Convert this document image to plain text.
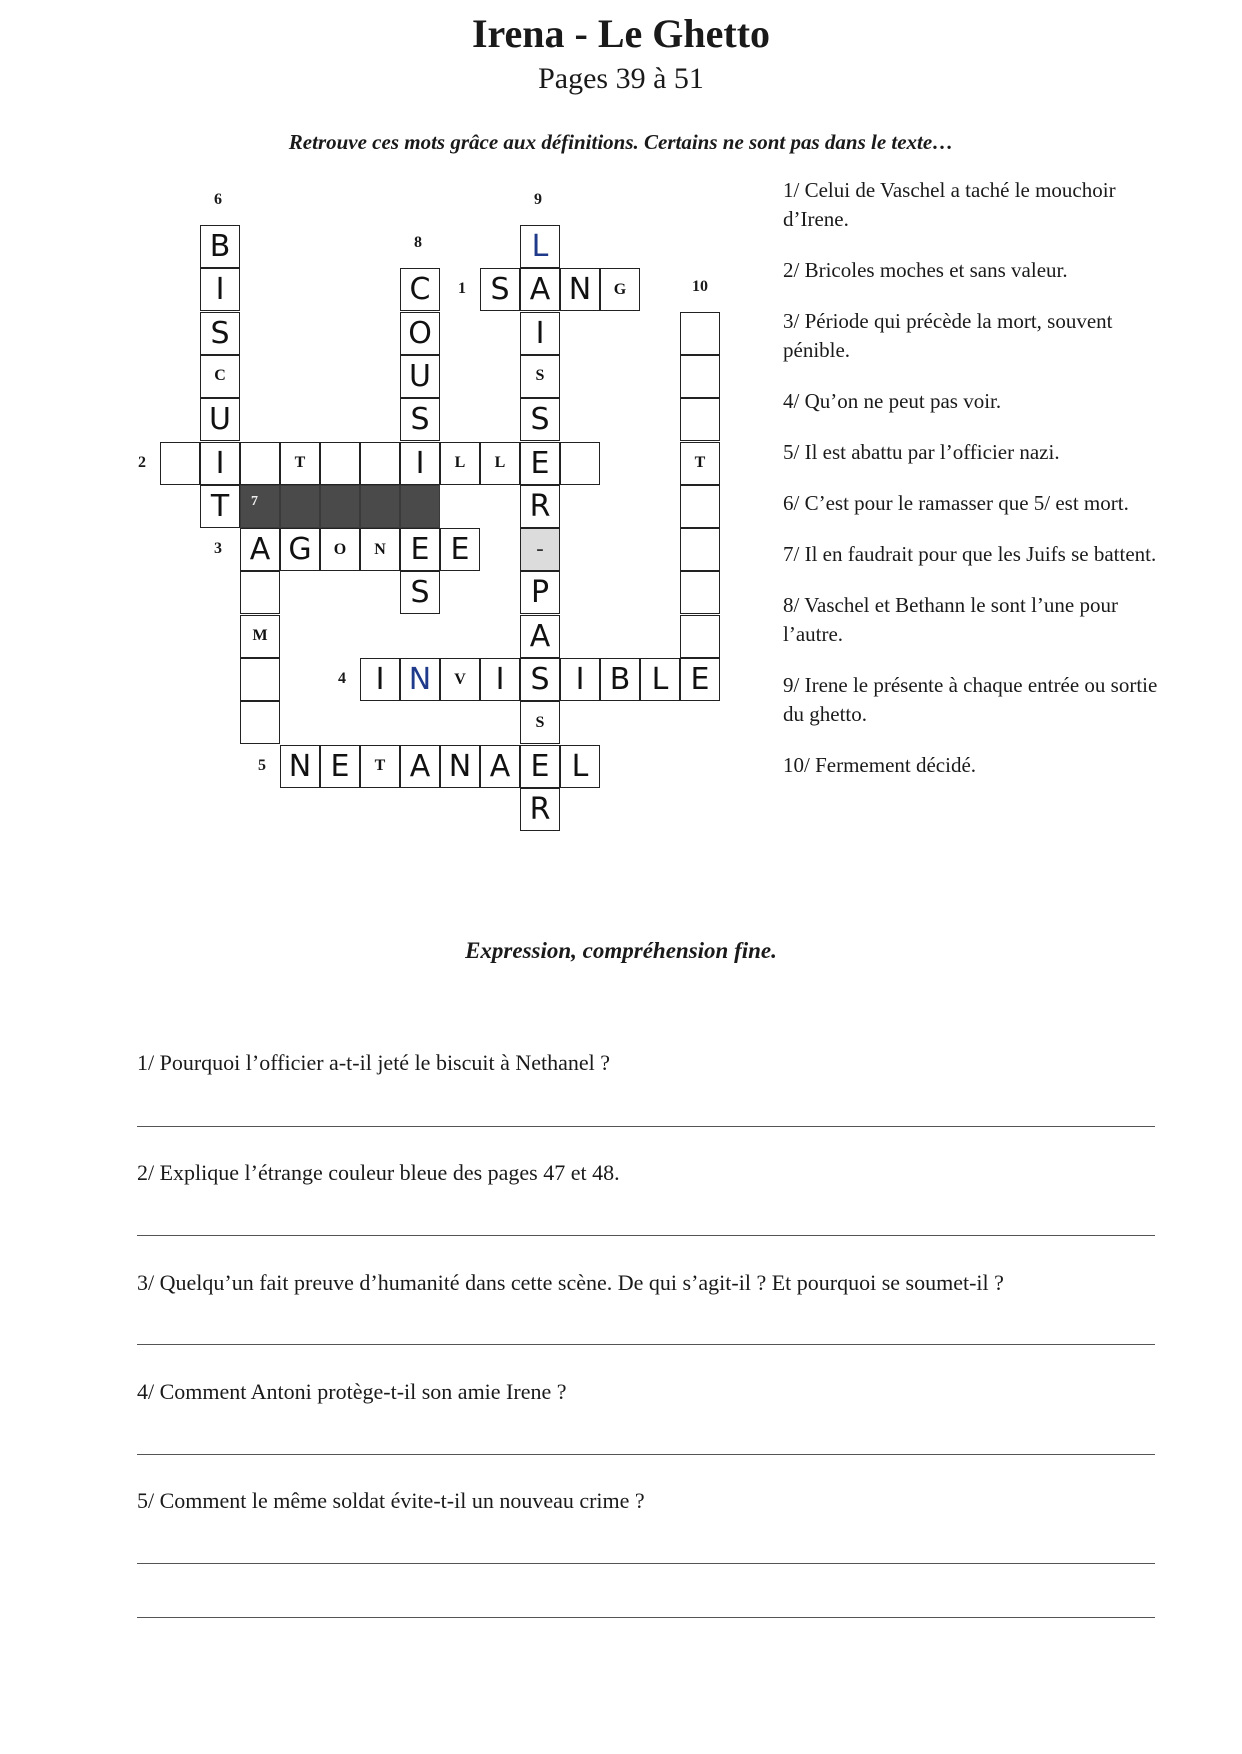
Irena - Le Ghetto
Pages 39 à 51
Retrouve ces mots grâce aux définitions. Certains ne sont pas dans le texte…
7
B
I
S
C
U
I
T
C
O
U
S
I
E
S
L
A
I
S
S
E
R
-
P
A
S
S
E
R
T
S N G
T	L L
A G O N E
I N V I I B L E
N E T A N A L
M
1
2
3
4
5
6
8
9
10
1/ Celui de Vaschel a taché le mouchoir d’Irene.
2/ Bricoles moches et sans valeur.
3/ Période qui précède la mort, souvent pénible.
4/ Qu’on ne peut pas voir.
5/ Il est abattu par l’officier nazi.
6/ C’est pour le ramasser que 5/ est mort.
7/ Il en faudrait pour que les Juifs se battent.
8/ Vaschel et Bethann le sont l’une pour l’autre.
9/ Irene le présente à chaque entrée ou sortie du ghetto.
10/ Fermement décidé.
Expression, compréhension fine.

1/ Pourquoi l’officier a-t-il jeté le biscuit à Nethanel ?

2/ Explique l’étrange couleur bleue des pages 47 et 48.

3/ Quelqu’un fait preuve d’humanité dans cette scène. De qui s’agit-il ? Et pourquoi se soumet-il ?

4/ Comment Antoni protège-t-il son amie Irene ?

5/ Comment le même soldat évite-t-il un nouveau crime ?
